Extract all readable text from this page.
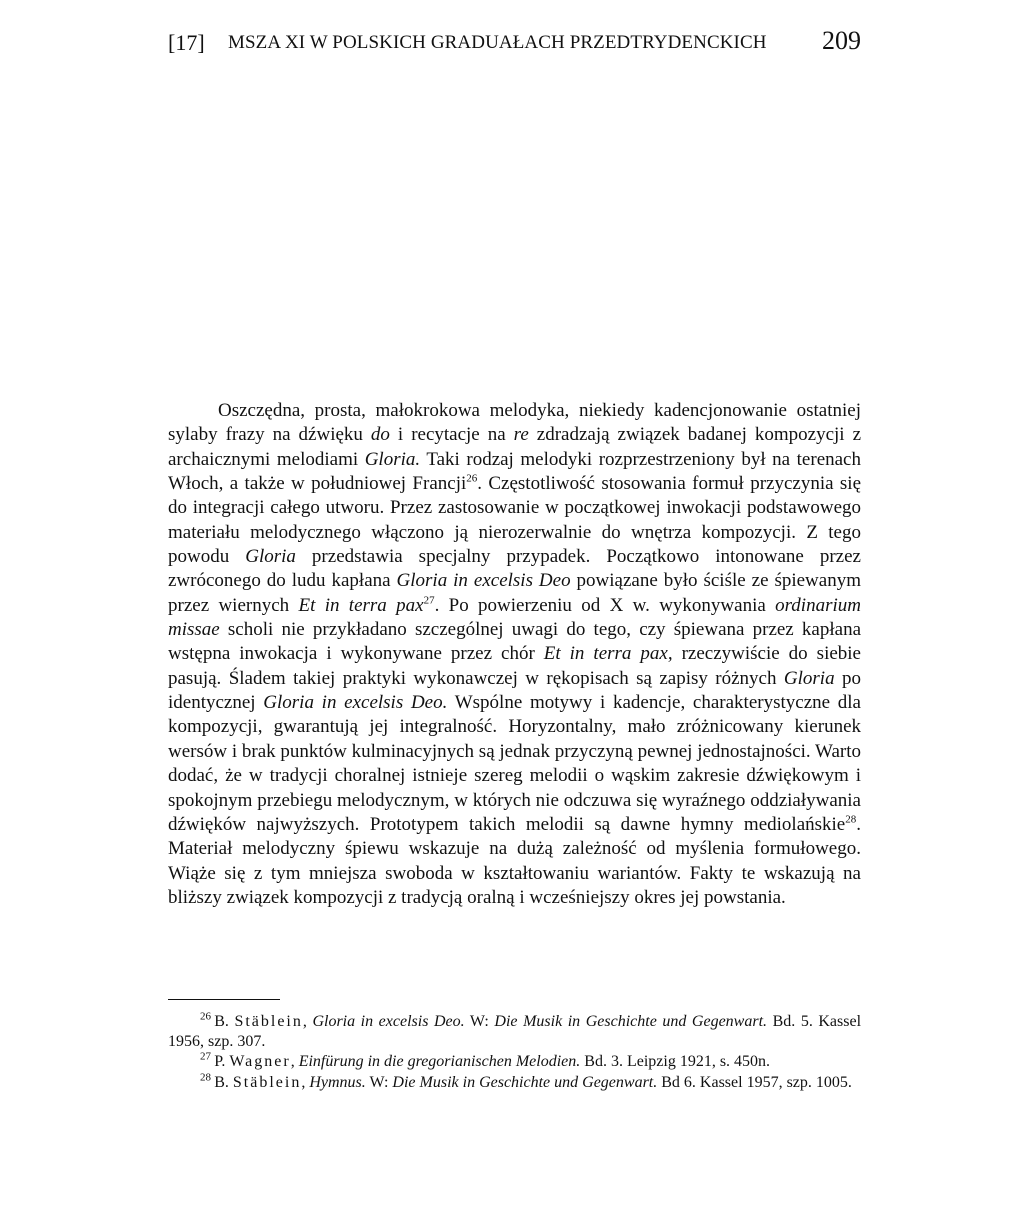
[17] MSZA XI W POLSKICH GRADUAŁACH PRZEDTRYDENCKICH 209

Oszczędna, prosta, małokrokowa melodyka, niekiedy kadencjonowanie ostatniej sylaby frazy na dźwięku do i recytacje na re zdradzają związek badanej kompozycji z archaicznymi melodiami Gloria. Taki rodzaj melodyki rozprzestrzeniony był na terenach Włoch, a także w południowej Francji$^{26}$. Częstotliwość stosowania formuł przyczynia się do integracji całego utworu. Przez zastosowanie w początkowej inwokacji podstawowego materiału melodycznego włączono ją nierozerwalnie do wnętrza kompozycji. Z tego powodu Gloria przedstawia specjalny przypadek. Początkowo intonowane przez zwróconego do ludu kapłana Gloria in excelsis Deo powiązane było ściśle ze śpiewanym przez wiernych Et in terra pax$^{27}$. Po powierzeniu od X w. wykonywania ordinarium missae scholi nie przykładano szczególnej uwagi do tego, czy śpiewana przez kapłana wstępna inwokacja i wykonywane przez chór Et in terra pax, rzeczywiście do siebie pasują. Śladem takiej praktyki wykonawczej w rękopisach są zapisy różnych Gloria po identycznej Gloria in excelsis Deo. Wspólne motywy i kadencje, charakterystyczne dla kompozycji, gwarantują jej integralność. Horyzontalny, mało zróżnicowany kierunek wersów i brak punktów kulminacyjnych są jednak przyczyną pewnej jednostajności. Warto dodać, że w tradycji choralnej istnieje szereg melodii o wąskim zakresie dźwiękowym i spokojnym przebiegu melodycznym, w których nie odczuwa się wyraźnego oddziaływania dźwięków najwyższych. Prototypem takich melodii są dawne hymny mediolańskie$^{28}$. Materiał melodyczny śpiewu wskazuje na dużą zależność od myślenia formułowego. Wiąże się z tym mniejsza swoboda w kształtowaniu wariantów. Fakty te wskazują na bliższy związek kompozycji z tradycją oralną i wcześniejszy okres jej powstania.

$^{26}$  B. Stäblein, Gloria in excelsis Deo. W: Die Musik in Geschichte und Gegenwart. Bd. 5. Kassel 1956, szp. 307.

$^{27}$  P. Wagner, Einfürung in die gregorianischen Melodien. Bd. 3. Leipzig 1921, s. 450n.

$^{28}$  B. Stäblein, Hymnus. W: Die Musik in Geschichte und Gegenwart. Bd 6. Kassel 1957, szp. 1005.
